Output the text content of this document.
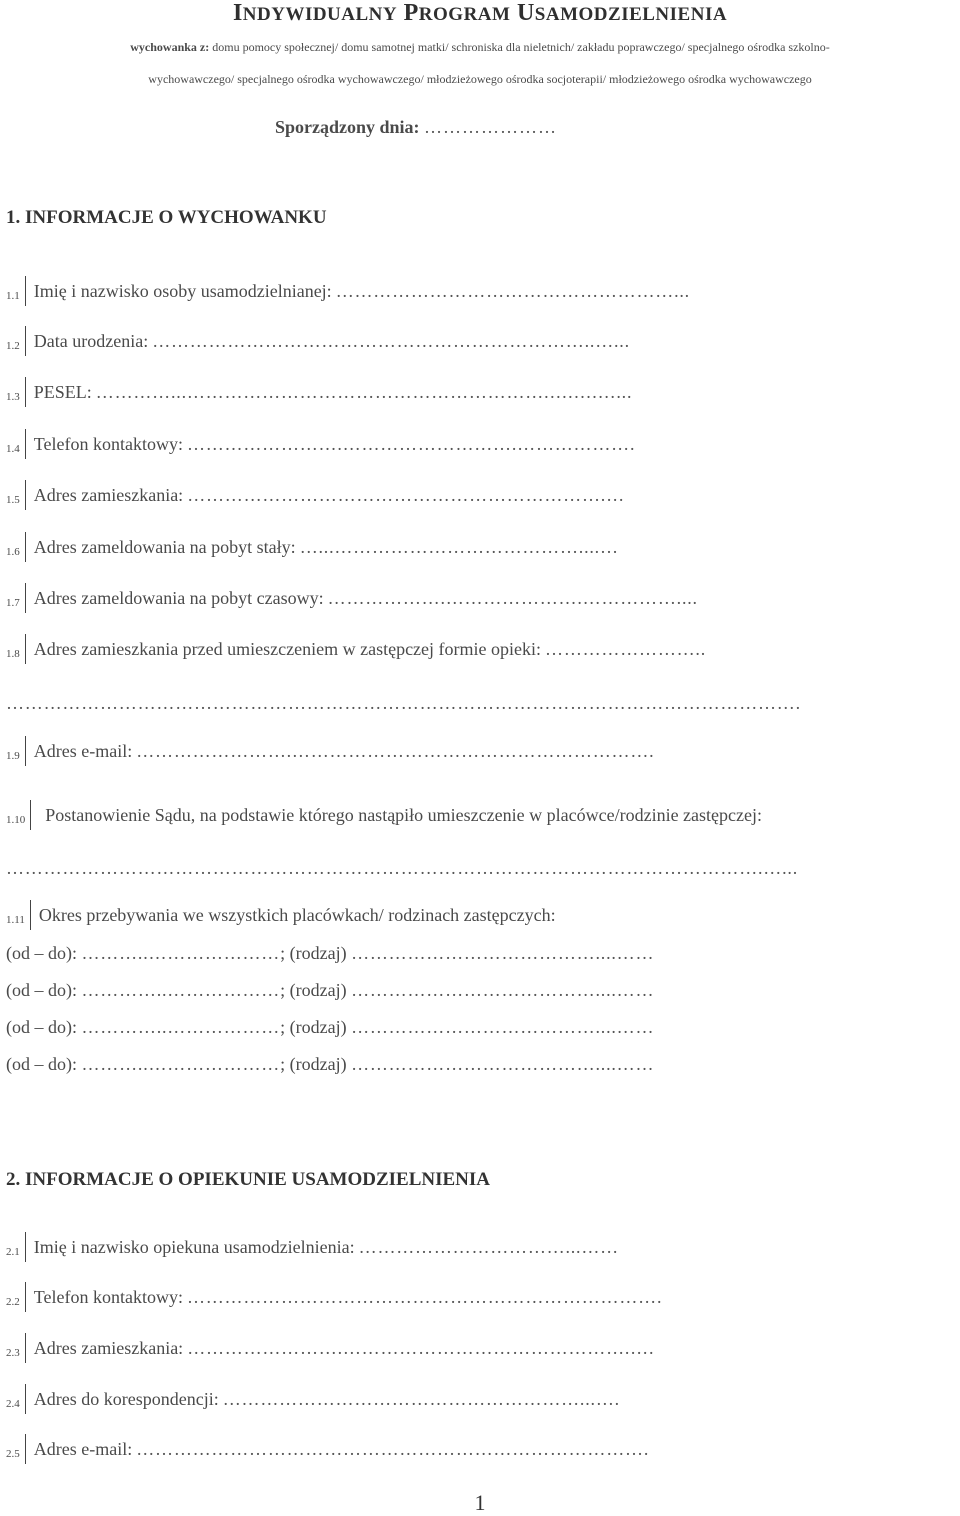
INDYWIDUALNY PROGRAM USAMODZIELNIENIA
wychowanka z: domu pomocy społecznej/ domu samotnej matki/ schroniska dla nieletnich/ zakładu poprawczego/ specjalnego ośrodka szkolno-
wychowawczego/ specjalnego ośrodka wychowawczego/ młodzieżowego ośrodka socjoterapii/ młodzieżowego ośrodka wychowawczego
Sporządzony dnia: …………………
1. INFORMACJE O WYCHOWANKU
1.1 Imię i nazwisko osoby usamodzielnianej: ………………………………………………...
1.2 Data urodzenia: ……………………………………………………………..…...
1.3 PESEL: …………...………………………………………………….….….…...
1.4 Telefon kontaktowy: …………………….……………………….……………….
1.5 Adres zamieszkania: ………………………………………………………….…
1.6 Adres zameldowania na pobyt stały: …...…………………………………....…
1.7 Adres zameldowania na pobyt czasowy: ……………….………………….……………....
1.8 Adres zamieszkania przed umieszczeniem w zastępczej formie opieki: ……………………..
……………………………………………………………………………………………………………….
1.9 Adres e-mail: …………………….………………………………………………….
1.10	Postanowienie Sądu, na podstawie którego nastąpiło umieszczenie w placówce/rodzinie zastępczej:
………………………………………………………………………………………………………….…...
1.11 Okres przebywania we wszystkich placówkach/ rodzinach zastępczych:
(od – do): ………..…………………; (rodzaj) …………………………………....……
(od – do): …………..………………; (rodzaj) …………………………………....……
(od – do): …………..………………; (rodzaj) …………………………………....……
(od – do): ………..…………………; (rodzaj) …………………………………....……
2. INFORMACJE O OPIEKUNIE USAMODZIELNIENIA
2.1 Imię i nazwisko opiekuna usamodzielnienia: ……………………………...……
2.2 Telefon kontaktowy: ………………………………………………………………….
2.3 Adres zamieszkania: …………………….……………………………………….….
2.4 Adres do korespondencji: …………………………………………………...….
2.5 Adres e-mail: ……………………………………………………………………….
1
